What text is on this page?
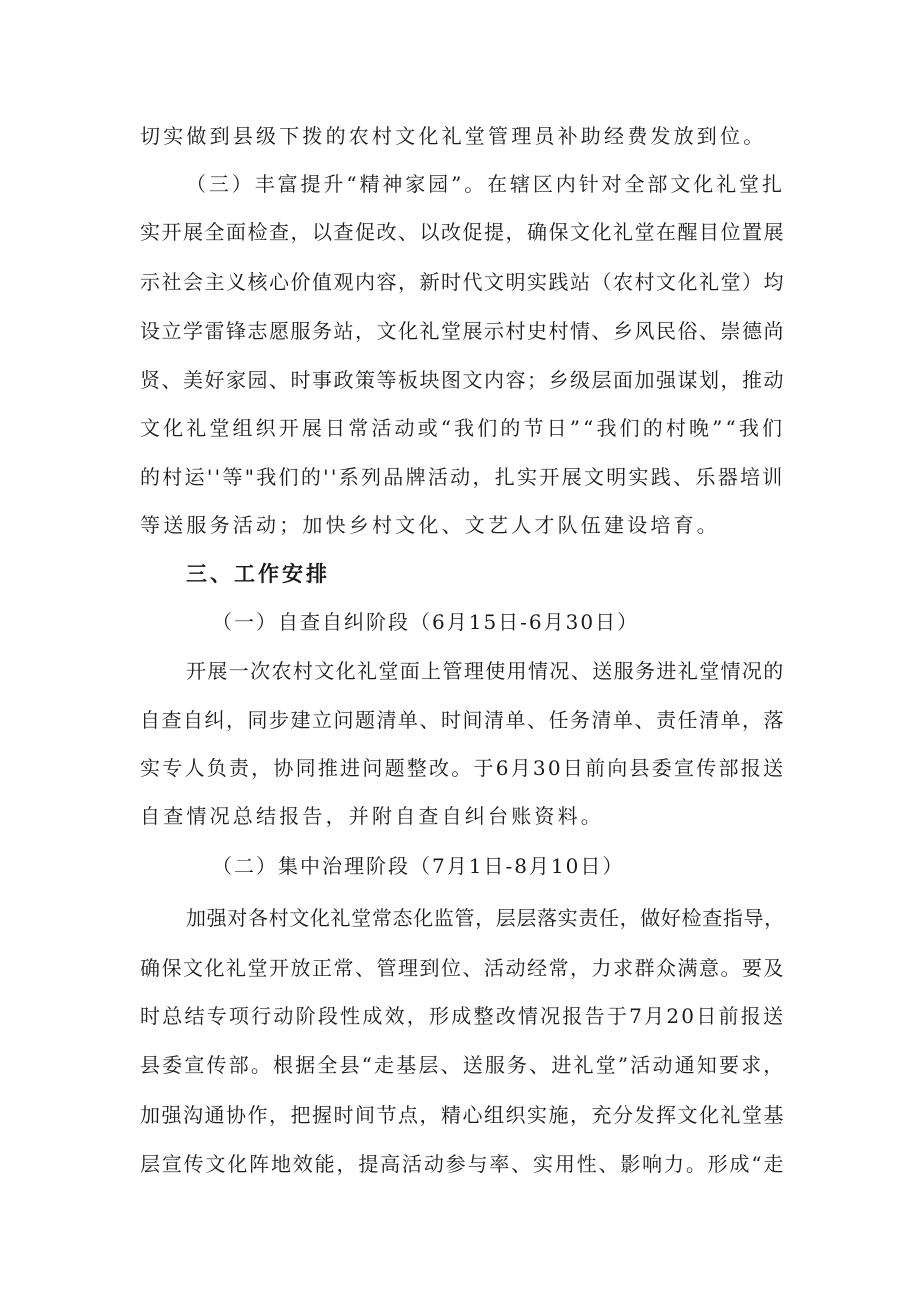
切实做到县级下拨的农村文化礼堂管理员补助经费发放到位。

（三）丰富提升“精神家园”。在辖区内针对全部文化礼堂扎

实开展全面检查，以查促改、以改促提，确保文化礼堂在醒目位置展

示社会主义核心价值观内容，新时代文明实践站（农村文化礼堂）均

设立学雷锋志愿服务站，文化礼堂展示村史村情、乡风民俗、崇德尚

贤、美好家园、时事政策等板块图文内容；乡级层面加强谋划，推动

文化礼堂组织开展日常活动或“我们的节日”“我们的村晚”“我们

的村运''等"我们的''系列品牌活动，扎实开展文明实践、乐器培训

等送服务活动；加快乡村文化、文艺人才队伍建设培育。

三、工作安排

（一）自查自纠阶段（6月15日-6月30日）

开展一次农村文化礼堂面上管理使用情况、送服务进礼堂情况的

自查自纠，同步建立问题清单、时间清单、任务清单、责任清单，落

实专人负责，协同推进问题整改。于6月30日前向县委宣传部报送

自查情况总结报告，并附自查自纠台账资料。

（二）集中治理阶段（7月1日-8月10日）

加强对各村文化礼堂常态化监管，层层落实责任，做好检查指导，

确保文化礼堂开放正常、管理到位、活动经常，力求群众满意。要及

时总结专项行动阶段性成效，形成整改情况报告于7月20日前报送

县委宣传部。根据全县“走基层、送服务、进礼堂”活动通知要求，

加强沟通协作，把握时间节点，精心组织实施，充分发挥文化礼堂基

层宣传文化阵地效能，提高活动参与率、实用性、影响力。形成“走
